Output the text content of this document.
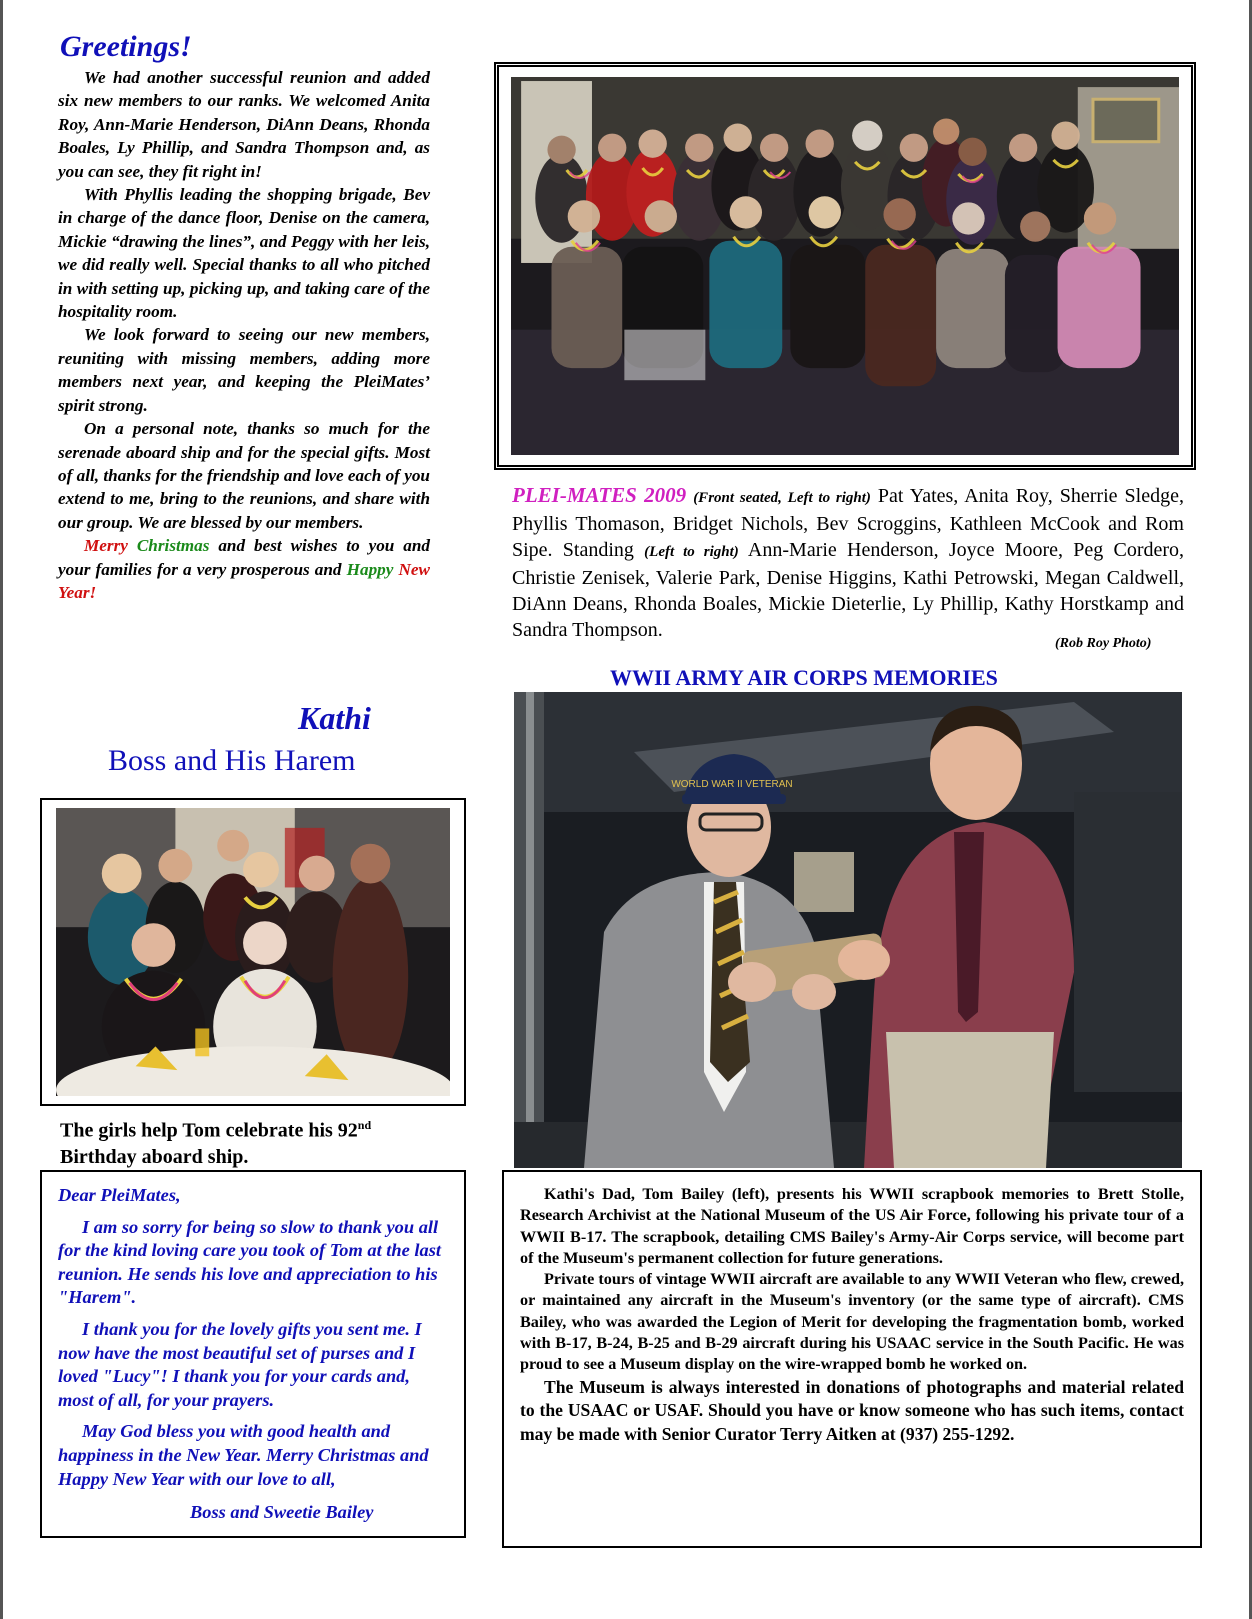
Greetings!

We had another successful reunion and added six new members to our ranks. We welcomed Anita Roy, Ann-Marie Henderson, DiAnn Deans, Rhonda Boales, Ly Phillip, and Sandra Thompson and, as you can see, they fit right in!

With Phyllis leading the shopping brigade, Bev in charge of the dance floor, Denise on the camera, Mickie “drawing the lines”, and Peggy with her leis, we did really well. Special thanks to all who pitched in with setting up, picking up, and taking care of the hospitality room.

We look forward to seeing our new members, reuniting with missing members, adding more members next year, and keeping the PleiMates’ spirit strong.

On a personal note, thanks so much for the serenade aboard ship and for the special gifts. Most of all, thanks for the friendship and love each of you extend to me, bring to the reunions, and share with our group. We are blessed by our members.

Merry Christmas and best wishes to you and your families for a very prosperous and Happy New Year!

Kathi
Boss and His Harem
PLEI-MATES 2009 (Front seated, Left to right) Pat Yates, Anita Roy, Sherrie Sledge, Phyllis Thomason, Bridget Nichols, Bev Scroggins, Kathleen McCook and Rom Sipe. Standing (Left to right) Ann-Marie Henderson, Joyce Moore, Peg Cordero, Christie Zenisek, Valerie Park, Denise Higgins, Kathi Petrowski, Megan Caldwell, DiAnn Deans, Rhonda Boales, Mickie Dieterlie, Ly Phillip, Kathy Horstkamp and Sandra Thompson.
(Rob Roy Photo)
WWII ARMY AIR CORPS MEMORIES
WORLD WAR II VETERAN
The girls help Tom celebrate his 92nd
Birthday aboard ship.
Dear PleiMates,
I am so sorry for being so slow to thank you all for the kind loving care you took of Tom at the last reunion. He sends his love and appreciation to his "Harem".
I thank you for the lovely gifts you sent me. I now have the most beautiful set of purses and I loved "Lucy"! I thank you for your cards and, most of all, for your prayers.
May God bless you with good health and happiness in the New Year. Merry Christmas and Happy New Year with our love to all,
Boss and Sweetie Bailey

Kathi's Dad, Tom Bailey (left), presents his WWII scrapbook memories to Brett Stolle, Research Archivist at the National Museum of the US Air Force, following his private tour of a WWII B-17. The scrapbook, detailing CMS Bailey's Army-Air Corps service, will become part of the Museum's permanent collection for future generations.

Private tours of vintage WWII aircraft are available to any WWII Veteran who flew, crewed, or maintained any aircraft in the Museum's inventory (or the same type of aircraft). CMS Bailey, who was awarded the Legion of Merit for developing the fragmentation bomb, worked with B-17, B-24, B-25 and B-29 aircraft during his USAAC service in the South Pacific. He was proud to see a Museum display on the wire-wrapped bomb he worked on.

The Museum is always interested in donations of photographs and material related to the USAAC or USAF. Should you have or know someone who has such items, contact may be made with Senior Curator Terry Aitken at (937) 255-1292.
